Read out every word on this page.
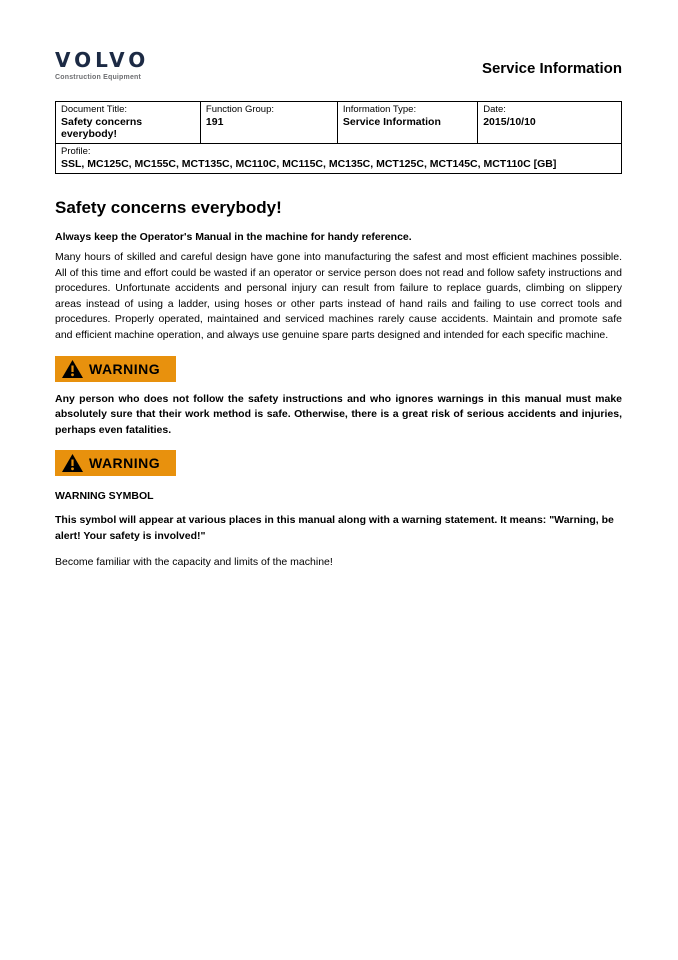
VOLVO
Construction Equipment
Service Information
Document Title:
Safety concerns everybody!

Function Group:
191

Information Type:
Service Information

Date:
2015/10/10

Profile:
SSL, MC125C, MC155C, MCT135C, MC110C, MC115C, MC135C, MCT125C, MCT145C, MCT110C [GB]
Safety concerns everybody!
Always keep the Operator's Manual in the machine for handy reference.
Many hours of skilled and careful design have gone into manufacturing the safest and most efficient machines possible. All of this time and effort could be wasted if an operator or service person does not read and follow safety instructions and procedures. Unfortunate accidents and personal injury can result from failure to replace guards, climbing on slippery areas instead of using a ladder, using hoses or other parts instead of hand rails and failing to use correct tools and procedures. Properly operated, maintained and serviced machines rarely cause accidents. Maintain and promote safe and efficient machine operation, and always use genuine spare parts designed and intended for each specific machine.
WARNING
Any person who does not follow the safety instructions and who ignores warnings in this manual must make absolutely sure that their work method is safe. Otherwise, there is a great risk of serious accidents and injuries, perhaps even fatalities.
WARNING
WARNING SYMBOL
This symbol will appear at various places in this manual along with a warning statement. It means: "Warning, be alert! Your safety is involved!"
Become familiar with the capacity and limits of the machine!
